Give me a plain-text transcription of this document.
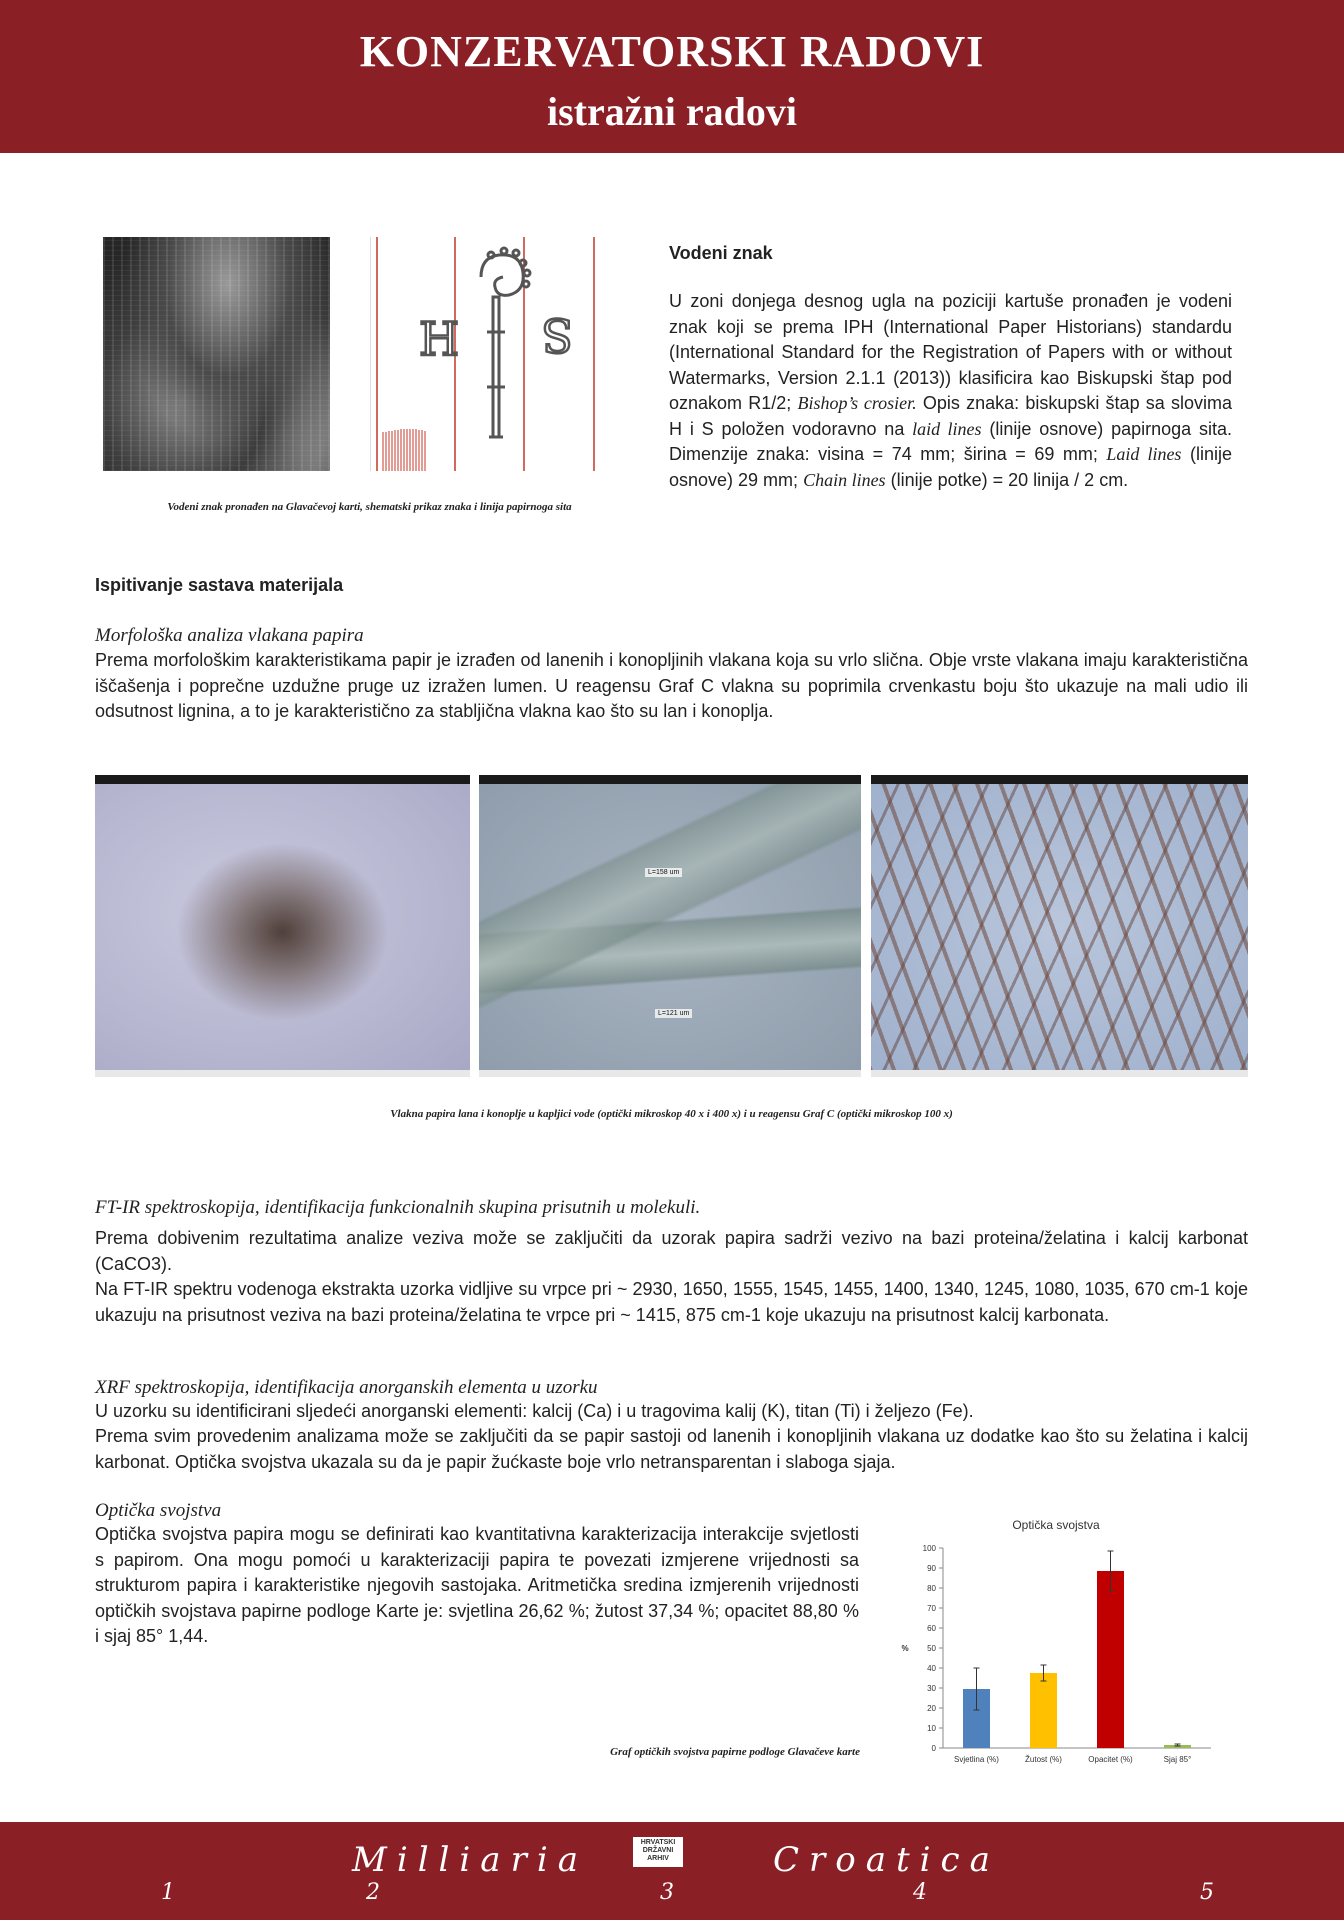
KONZERVATORSKI RADOVI
istražni radovi
H S
Vodeni znak pronađen na Glavačevoj karti, shematski prikaz znaka i linija papirnoga sita
Vodeni znak

U zoni donjega desnog ugla na poziciji kartuše pronađen je vodeni znak koji se prema IPH (International Paper Historians) standardu (International Standard for the Registration of Papers with or without Watermarks, Version 2.1.1 (2013)) klasificira kao Biskupski štap pod oznakom R1/2; Bishop’s crosier. Opis znaka: biskupski štap sa slovima H i S položen vodoravno na laid lines (linije osnove) papirnoga sita. Dimenzije znaka: visina = 74 mm; širina = 69 mm; Laid lines (linije osnove) 29 mm; Chain lines (linije potke) = 20 linija / 2 cm.

Ispitivanje sastava materijala
Morfološka analiza vlakana papira

Prema morfološkim karakteristikama papir je izrađen od lanenih i konopljinih vlakana koja su vrlo slična. Obje vrste vlakana imaju karakteristična iščašenja i poprečne uzdužne pruge uz izražen lumen. U reagensu Graf C vlakna su poprimila crvenkastu boju što ukazuje na mali udio ili odsutnost lignina, a to je karakteristično za stabljična vlakna kao što su lan i konoplja.

L=158 um
L=121 um
Vlakna papira lana i konoplje u kapljici vode (optički mikroskop 40 x i 400 x) i u reagensu Graf C (optički mikroskop 100 x)
FT-IR spektroskopija, identifikacija funkcionalnih skupina prisutnih u molekuli.

Prema dobivenim rezultatima analize veziva može se zaključiti da uzorak papira sadrži vezivo na bazi proteina/želatina i kalcij karbonat (CaCO3).

Na FT-IR spektru vodenoga ekstrakta uzorka vidljive su vrpce pri ~ 2930, 1650, 1555, 1545, 1455, 1400, 1340, 1245, 1080, 1035, 670 cm-1 koje ukazuju na prisutnost veziva na bazi proteina/želatina te vrpce pri ~ 1415, 875 cm-1 koje ukazuju na prisutnost kalcij karbonata.

XRF spektroskopija, identifikacija anorganskih elementa u uzorku

U uzorku su identificirani sljedeći anorganski elementi: kalcij (Ca) i u tragovima kalij (K), titan (Ti) i željezo (Fe).

Prema svim provedenim analizama može se zaključiti da se papir sastoji od lanenih i konopljinih vlakana uz dodatke kao što su želatina i kalcij karbonat. Optička svojstva ukazala su da je papir žućkaste boje vrlo netransparentan i slaboga sjaja.

Optička svojstva

Optička svojstva papira mogu se definirati kao kvantitativna karakterizacija interakcije svjetlosti s papirom. Ona mogu pomoći u karakterizaciji papira te povezati izmjerene vrijednosti sa strukturom papira i karakteristike njegovih sastojaka. Aritmetička sredina izmjerenih vrijednosti optičkih svojstava papirne podloge Karte je: svjetlina 26,62 %; žutost 37,34 %; opacitet 88,80 % i sjaj 85° 1,44.

Optička svojstva
0
10
20
30
40
50
60
70
80
90
100
%
Svjetlina (%)	Žutost (%)	Opacitet (%)	Sjaj 85°
Graf optičkih svojstva papirne podloge Glavačeve karte
Milliaria	Croatica
HRVATSKI
DRŽAVNI
ARHIV
1	2	3	4	5
